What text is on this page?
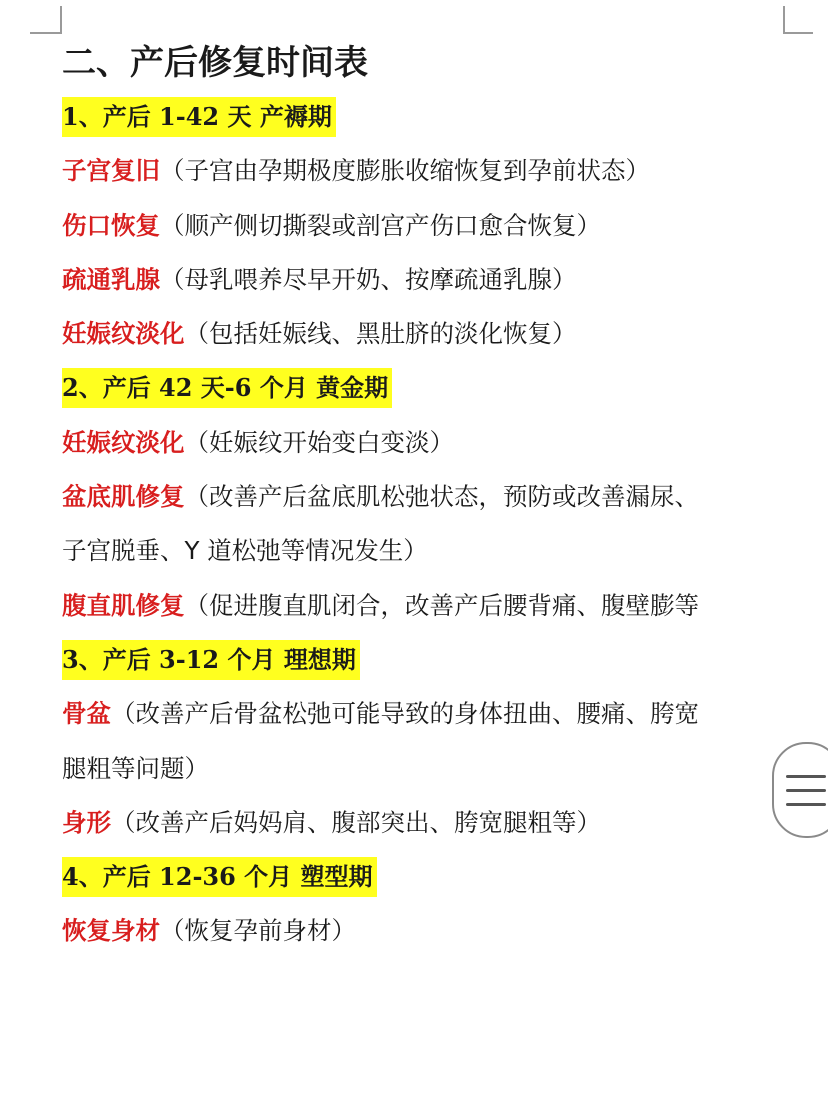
二、产后修复时间表
1、产后 1-42 天 产褥期
子宫复旧（子宫由孕期极度膨胀收缩恢复到孕前状态）
伤口恢复（顺产侧切撕裂或剖宫产伤口愈合恢复）
疏通乳腺（母乳喂养尽早开奶、按摩疏通乳腺）
妊娠纹淡化（包括妊娠线、黑肚脐的淡化恢复）
2、产后 42 天-6 个月 黄金期
妊娠纹淡化（妊娠纹开始变白变淡）
盆底肌修复（改善产后盆底肌松弛状态，预防或改善漏尿、
子宫脱垂、Y 道松弛等情况发生）
腹直肌修复（促进腹直肌闭合，改善产后腰背痛、腹壁膨等
3、产后 3-12 个月 理想期
骨盆（改善产后骨盆松弛可能导致的身体扭曲、腰痛、胯宽
腿粗等问题）
身形（改善产后妈妈肩、腹部突出、胯宽腿粗等）
4、产后 12-36 个月 塑型期
恢复身材（恢复孕前身材）
